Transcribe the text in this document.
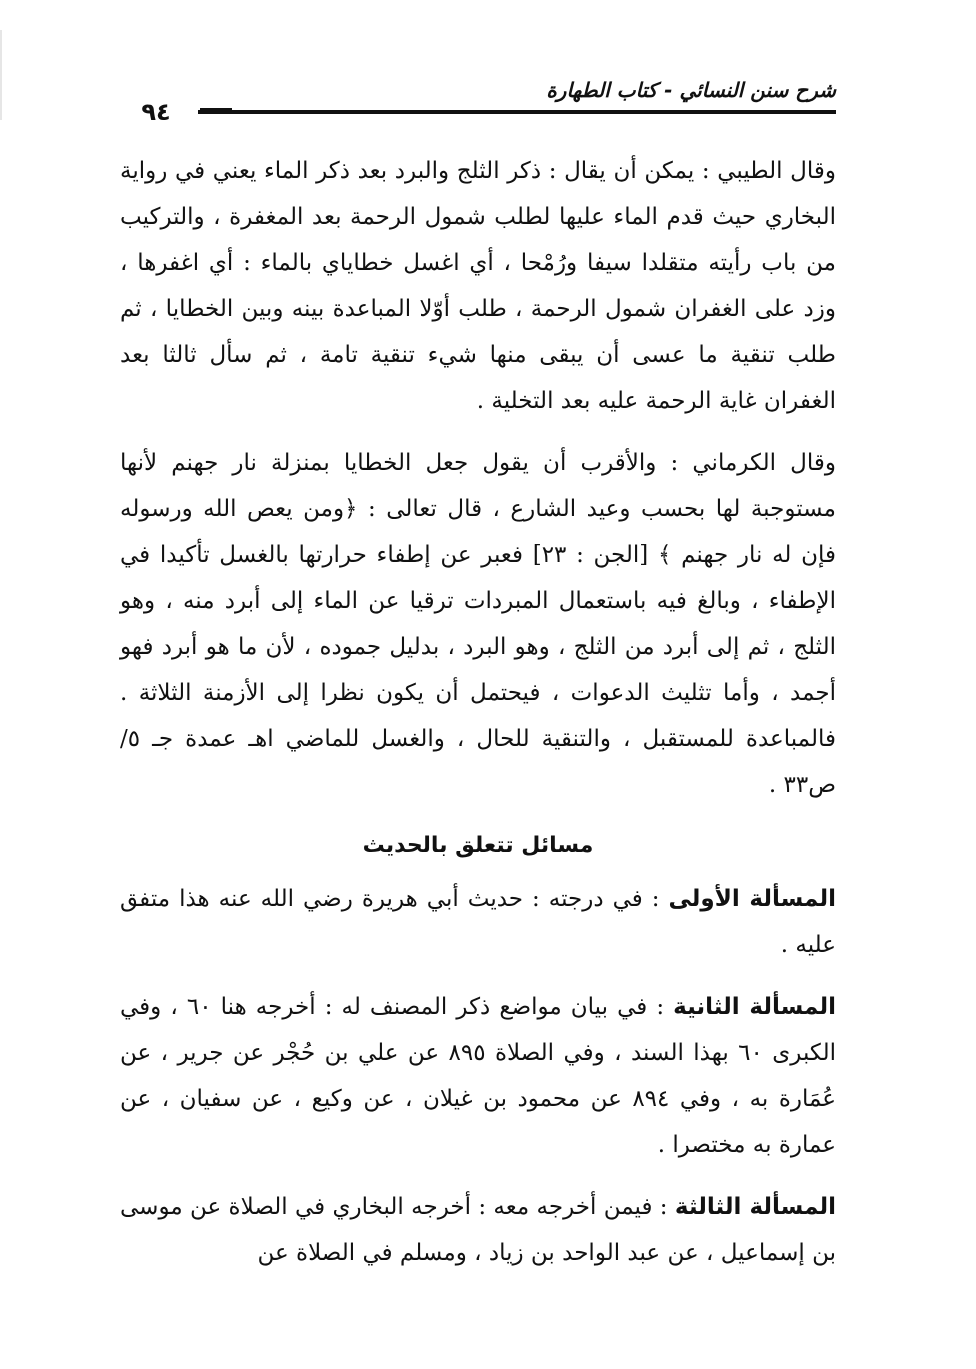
شرح سنن النسائي - كتاب الطهارة
٩٤

وقال الطيبي : يمكن أن يقال : ذكر الثلج والبرد بعد ذكر الماء يعني في رواية البخاري حيث قدم الماء عليها لطلب شمول الرحمة بعد المغفرة ، والتركيب من باب رأيته متقلدا سيفا ورُمْحا ، أي اغسل خطاياي بالماء : أي اغفرها ، وزد على الغفران شمول الرحمة ، طلب أوّلا المباعدة بينه وبين الخطايا ، ثم طلب تنقية ما عسى أن يبقى منها شيء تنقية تامة ، ثم سأل ثالثا بعد الغفران غاية الرحمة عليه بعد التخلية .

وقال الكرماني : والأقرب أن يقول جعل الخطايا بمنزلة نار جهنم لأنها مستوجبة لها بحسب وعيد الشارع ، قال تعالى : ﴿ومن يعص الله ورسوله فإن له نار جهنم ﴾ [الجن : ٢٣] فعبر عن إطفاء حرارتها بالغسل تأكيدا في الإطفاء ، وبالغ فيه باستعمال المبردات ترقيا عن الماء إلى أبرد منه ، وهو الثلج ، ثم إلى أبرد من الثلج ، وهو البرد ، بدليل جموده ، لأن ما هو أبرد فهو أجمد ، وأما تثليث الدعوات ، فيحتمل أن يكون نظرا إلى الأزمنة الثلاثة . فالمباعدة للمستقبل ، والتنقية للحال ، والغسل للماضي اهـ عمدة جـ ٥/ ص٣٣ .

مسائل تتعلق بالحديث

المسألة الأولى : في درجته : حديث أبي هريرة رضي الله عنه هذا متفق عليه .

المسألة الثانية : في بيان مواضع ذكر المصنف له : أخرجه هنا ٦٠ ، وفي الكبرى ٦٠ بهذا السند ، وفي الصلاة ٨٩٥ عن علي بن حُجْر عن جرير ، عن عُمَارة به ، وفي ٨٩٤ عن محمود بن غيلان ، عن وكيع ، عن سفيان ، عن عمارة به مختصرا .

المسألة الثالثة : فيمن أخرجه معه : أخرجه البخاري في الصلاة عن موسى بن إسماعيل ، عن عبد الواحد بن زياد ، ومسلم في الصلاة عن
